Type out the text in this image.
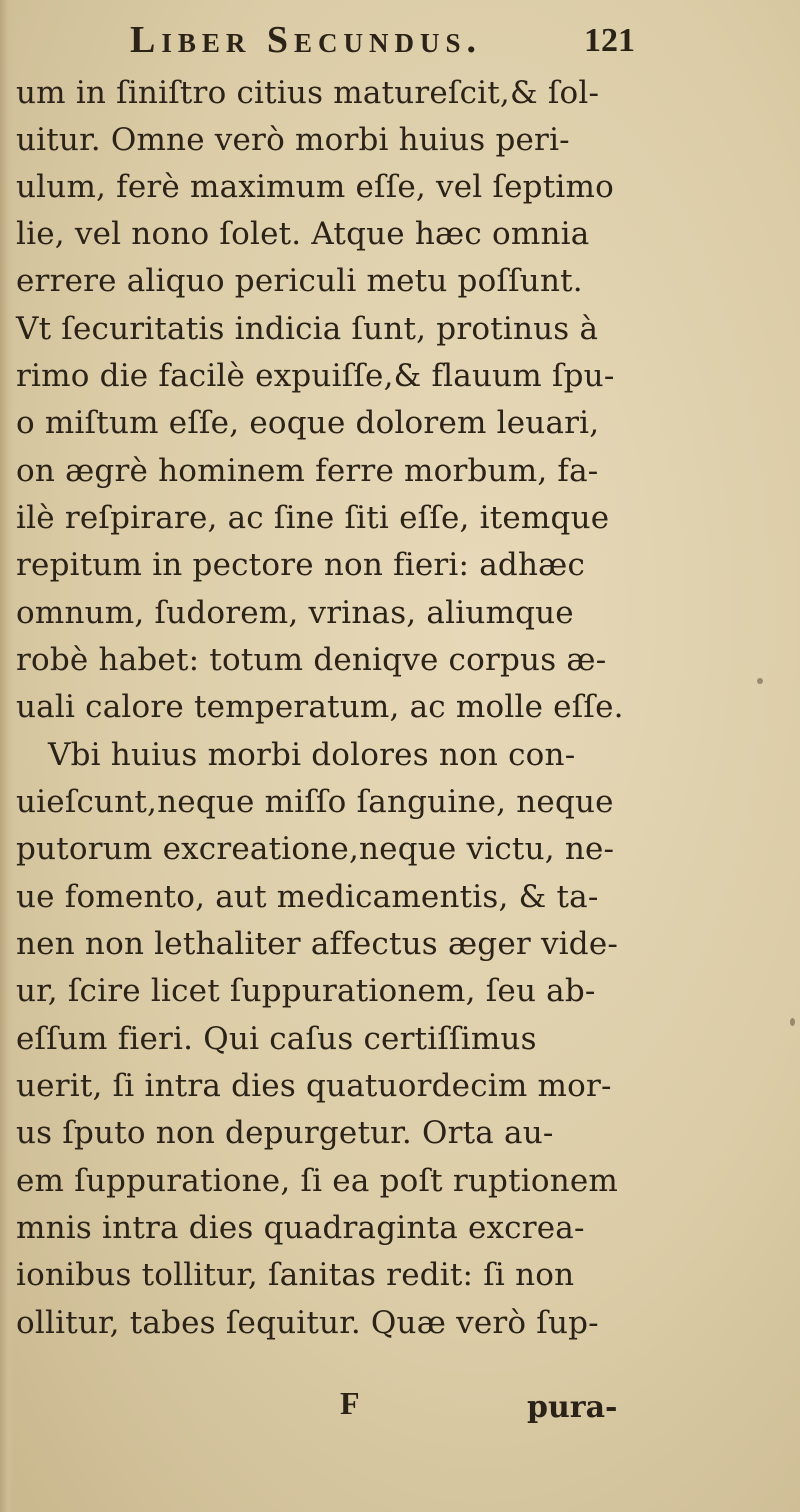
Liber Secundus.	121
um in ſiniſtro citius matureſcit,& ſol-
uitur. Omne verò morbi huius peri-
ulum, ferè maximum eſſe, vel ſeptimo
lie, vel nono ſolet. Atque hæc omnia
errere aliquo periculi metu poſſunt.
Vt ſecuritatis indicia ſunt, protinus à
rimo die facilè expuiſſe,& flauum ſpu-
o miſtum eſſe, eoque dolorem leuari,
on ægrè hominem ferre morbum, fa-
ilè reſpirare, ac ſine ſiti eſſe, itemque
repitum in pectore non fieri: adhæc
omnum, ſudorem, vrinas, aliumque
robè habet: totum deniqve corpus æ-
uali calore temperatum, ac molle eſſe.
Vbi huius morbi dolores non con-
uieſcunt,neque miſſo ſanguine, neque
putorum excreatione,neque victu, ne-
ue fomento, aut medicamentis, & ta-
nen non lethaliter affectus æger vide-
ur, ſcire licet ſuppurationem, ſeu ab-
eſſum fieri. Qui caſus certiſſimus
uerit, ſi intra dies quatuordecim mor-
us ſputo non depurgetur. Orta au-
em ſuppuratione, ſi ea poſt ruptionem
mnis intra dies quadraginta excrea-
ionibus tollitur, ſanitas redit: ſi non
ollitur, tabes ſequitur. Quæ verò ſup-
F	pura-
